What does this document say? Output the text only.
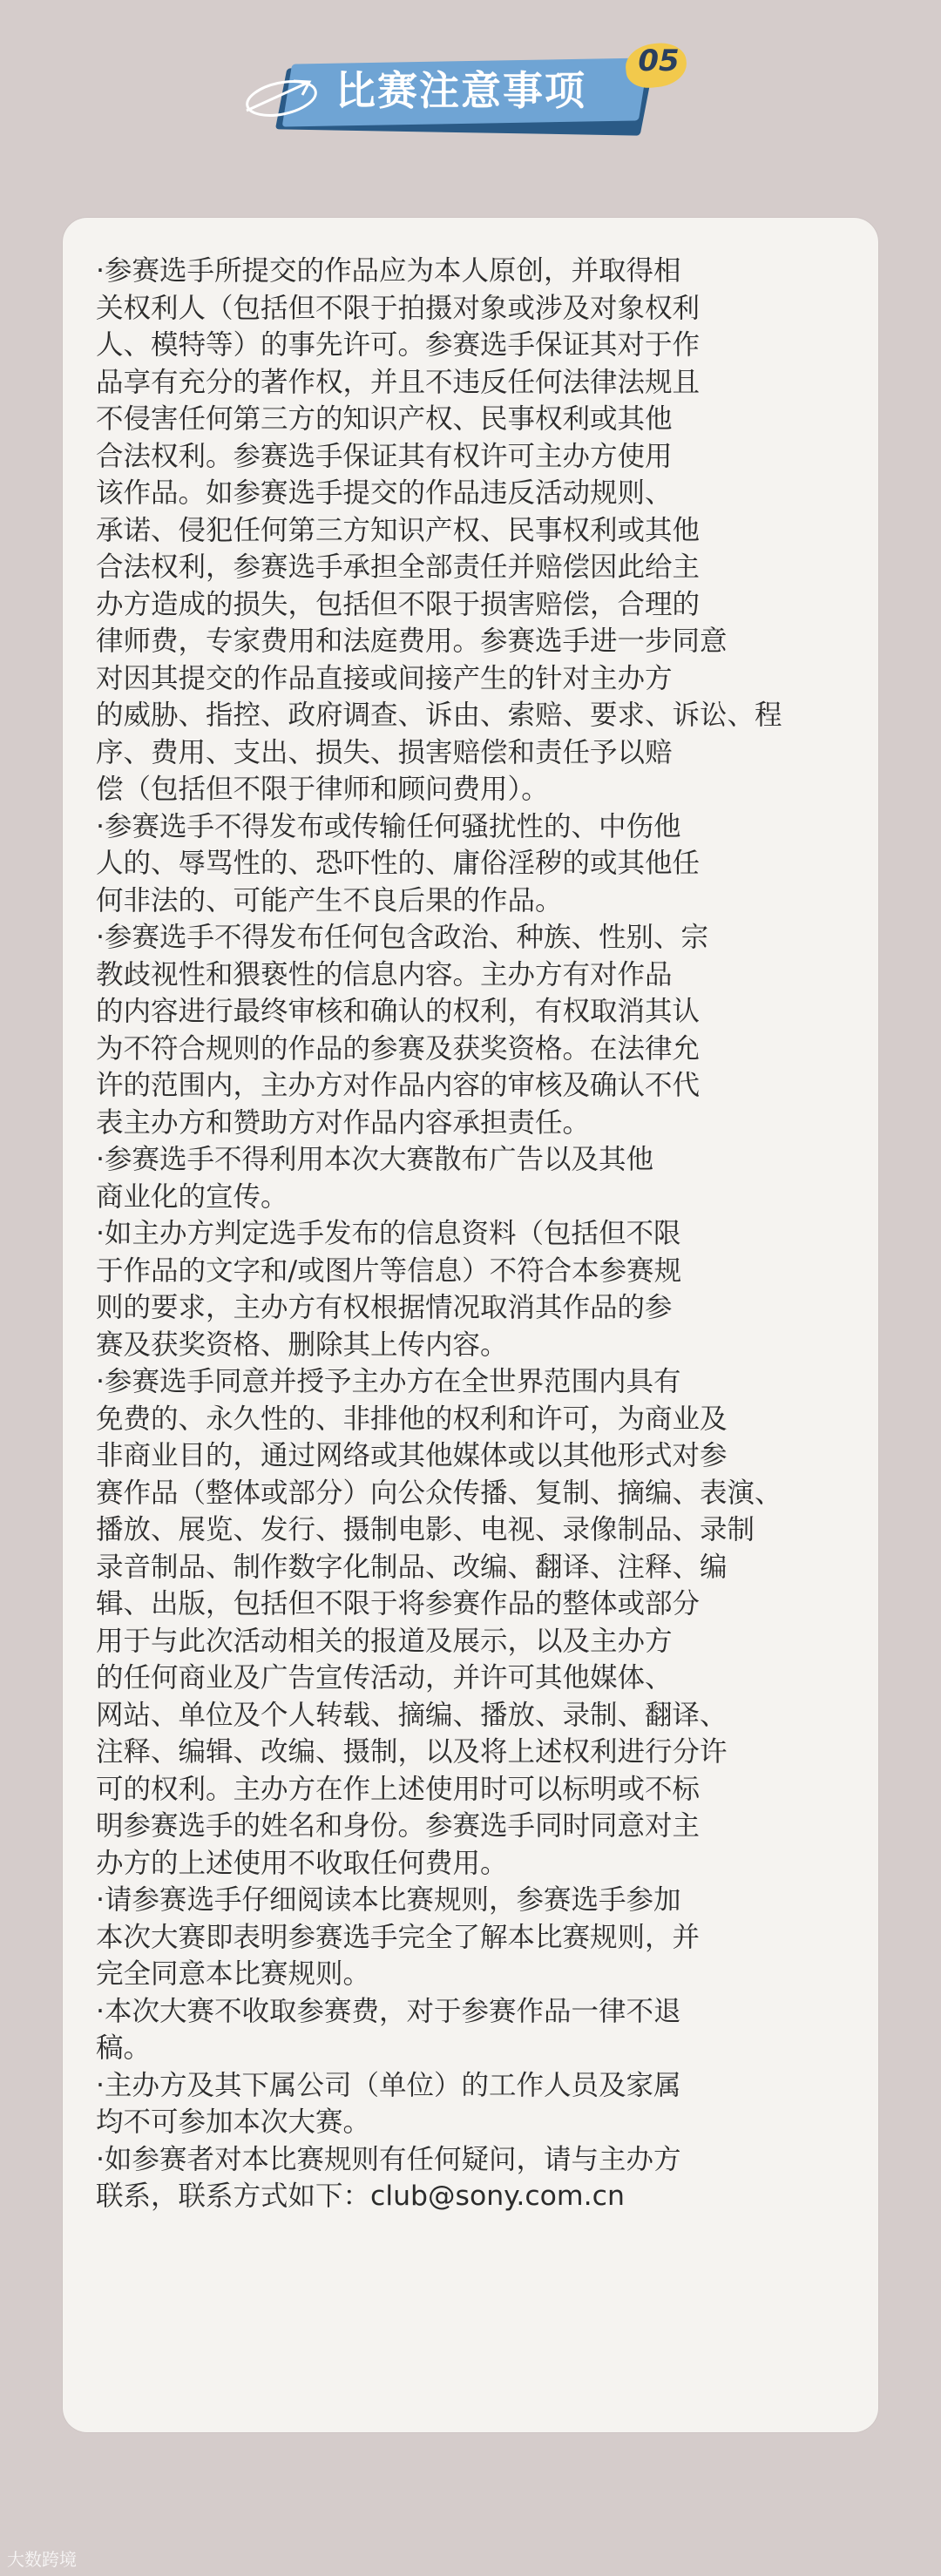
比赛注意事项
05
·参赛选手所提交的作品应为本人原创，并取得相
关权利人（包括但不限于拍摄对象或涉及对象权利
人、模特等）的事先许可。参赛选手保证其对于作
品享有充分的著作权，并且不违反任何法律法规且
不侵害任何第三方的知识产权、民事权利或其他
合法权利。参赛选手保证其有权许可主办方使用
该作品。如参赛选手提交的作品违反活动规则、
承诺、侵犯任何第三方知识产权、民事权利或其他
合法权利，参赛选手承担全部责任并赔偿因此给主
办方造成的损失，包括但不限于损害赔偿，合理的
律师费，专家费用和法庭费用。参赛选手进一步同意
对因其提交的作品直接或间接产生的针对主办方
的威胁、指控、政府调查、诉由、索赔、要求、诉讼、程
序、费用、支出、损失、损害赔偿和责任予以赔
偿（包括但不限于律师和顾问费用）。
·参赛选手不得发布或传输任何骚扰性的、中伤他
人的、辱骂性的、恐吓性的、庸俗淫秽的或其他任
何非法的、可能产生不良后果的作品。
·参赛选手不得发布任何包含政治、种族、性别、宗
教歧视性和猥亵性的信息内容。主办方有对作品
的内容进行最终审核和确认的权利，有权取消其认
为不符合规则的作品的参赛及获奖资格。在法律允
许的范围内，主办方对作品内容的审核及确认不代
表主办方和赞助方对作品内容承担责任。
·参赛选手不得利用本次大赛散布广告以及其他
商业化的宣传。
·如主办方判定选手发布的信息资料（包括但不限
于作品的文字和/或图片等信息）不符合本参赛规
则的要求，主办方有权根据情况取消其作品的参
赛及获奖资格、删除其上传内容。
·参赛选手同意并授予主办方在全世界范围内具有
免费的、永久性的、非排他的权利和许可，为商业及
非商业目的，通过网络或其他媒体或以其他形式对参
赛作品（整体或部分）向公众传播、复制、摘编、表演、
播放、展览、发行、摄制电影、电视、录像制品、录制
录音制品、制作数字化制品、改编、翻译、注释、编
辑、出版，包括但不限于将参赛作品的整体或部分
用于与此次活动相关的报道及展示，以及主办方
的任何商业及广告宣传活动，并许可其他媒体、
网站、单位及个人转载、摘编、播放、录制、翻译、
注释、编辑、改编、摄制，以及将上述权利进行分许
可的权利。主办方在作上述使用时可以标明或不标
明参赛选手的姓名和身份。参赛选手同时同意对主
办方的上述使用不收取任何费用。
·请参赛选手仔细阅读本比赛规则，参赛选手参加
本次大赛即表明参赛选手完全了解本比赛规则，并
完全同意本比赛规则。
·本次大赛不收取参赛费，对于参赛作品一律不退
稿。
·主办方及其下属公司（单位）的工作人员及家属
均不可参加本次大赛。
·如参赛者对本比赛规则有任何疑问，请与主办方
联系，联系方式如下：club@sony.com.cn
大数跨境
